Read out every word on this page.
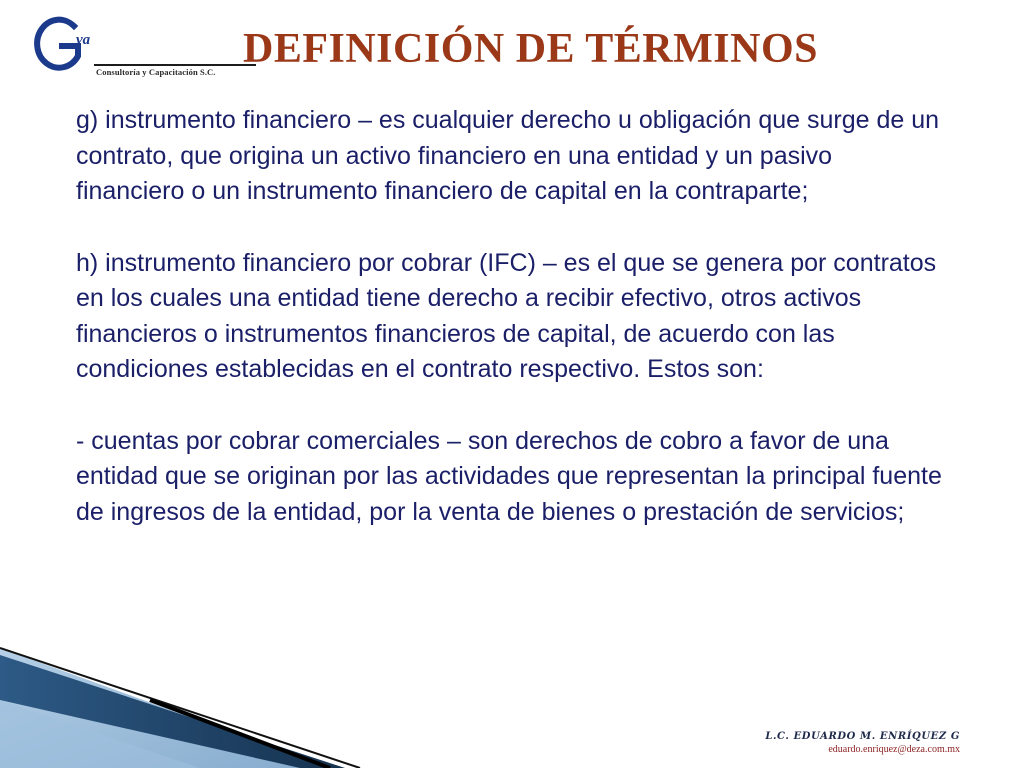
va
Consultoría y Capacitación S.C. DEFINICIÓN DE TÉRMINOS

g) instrumento financiero – es cualquier derecho u obligación que surge de un contrato, que origina un activo financiero en una entidad y un pasivo financiero o un instrumento financiero de capital en la contraparte;

h) instrumento financiero por cobrar (IFC) – es el que se genera por contratos en los cuales una entidad tiene derecho a recibir efectivo, otros activos financieros o instrumentos financieros de capital, de acuerdo con las condiciones establecidas en el contrato respectivo. Estos son:

- cuentas por cobrar comerciales – son derechos de cobro a favor de una entidad que se originan por las actividades que representan la principal fuente de ingresos de la entidad, por la venta de bienes o prestación de servicios;

L.C. EDUARDO M. ENRÍQUEZ G
eduardo.enriquez@deza.com.mx
